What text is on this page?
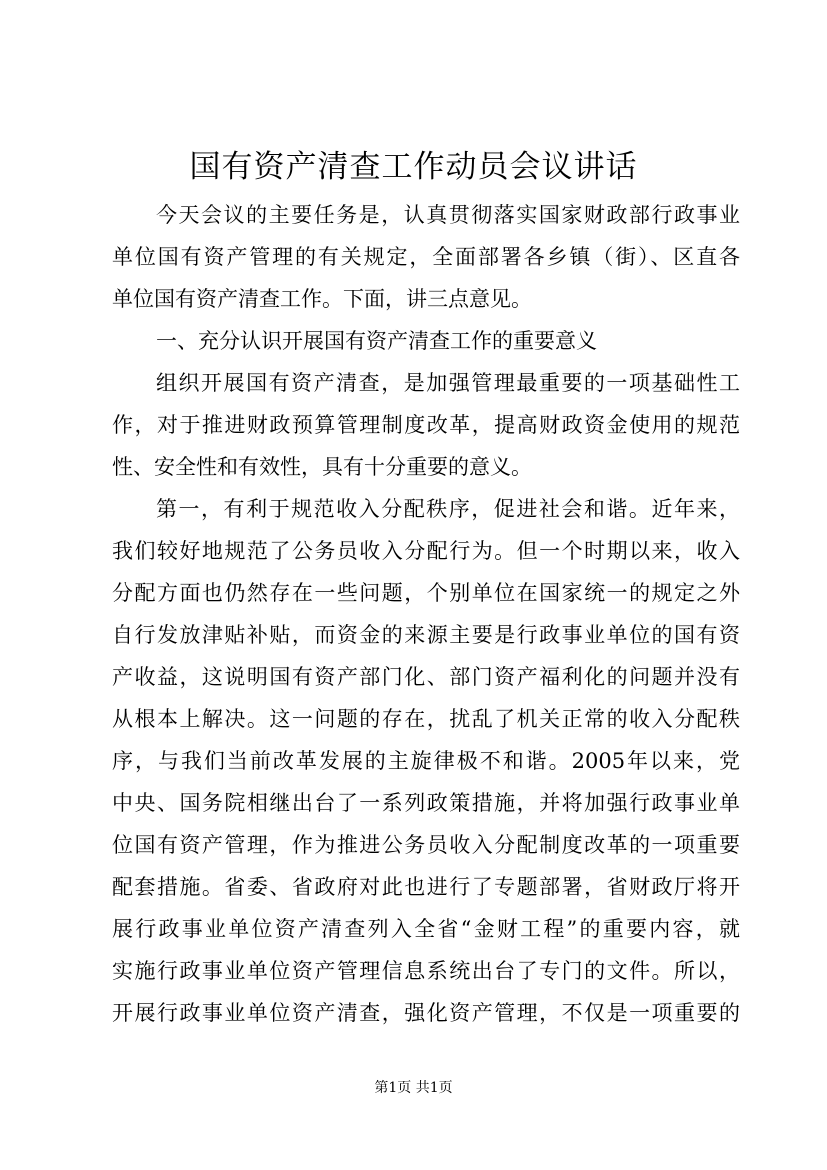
国有资产清查工作动员会议讲话
今天会议的主要任务是，认真贯彻落实国家财政部行政事业
单位国有资产管理的有关规定，全面部署各乡镇（街）、区直各
单位国有资产清查工作。下面，讲三点意见。
一、充分认识开展国有资产清查工作的重要意义
组织开展国有资产清查，是加强管理最重要的一项基础性工
作，对于推进财政预算管理制度改革，提高财政资金使用的规范
性、安全性和有效性，具有十分重要的意义。
第一，有利于规范收入分配秩序，促进社会和谐。近年来，
我们较好地规范了公务员收入分配行为。但一个时期以来，收入
分配方面也仍然存在一些问题，个别单位在国家统一的规定之外
自行发放津贴补贴，而资金的来源主要是行政事业单位的国有资
产收益，这说明国有资产部门化、部门资产福利化的问题并没有
从根本上解决。这一问题的存在，扰乱了机关正常的收入分配秩
序，与我们当前改革发展的主旋律极不和谐。2005年以来，党
中央、国务院相继出台了一系列政策措施，并将加强行政事业单
位国有资产管理，作为推进公务员收入分配制度改革的一项重要
配套措施。省委、省政府对此也进行了专题部署，省财政厅将开
展行政事业单位资产清查列入全省“金财工程”的重要内容，就
实施行政事业单位资产管理信息系统出台了专门的文件。所以，
开展行政事业单位资产清查，强化资产管理，不仅是一项重要的
第1页 共1页
